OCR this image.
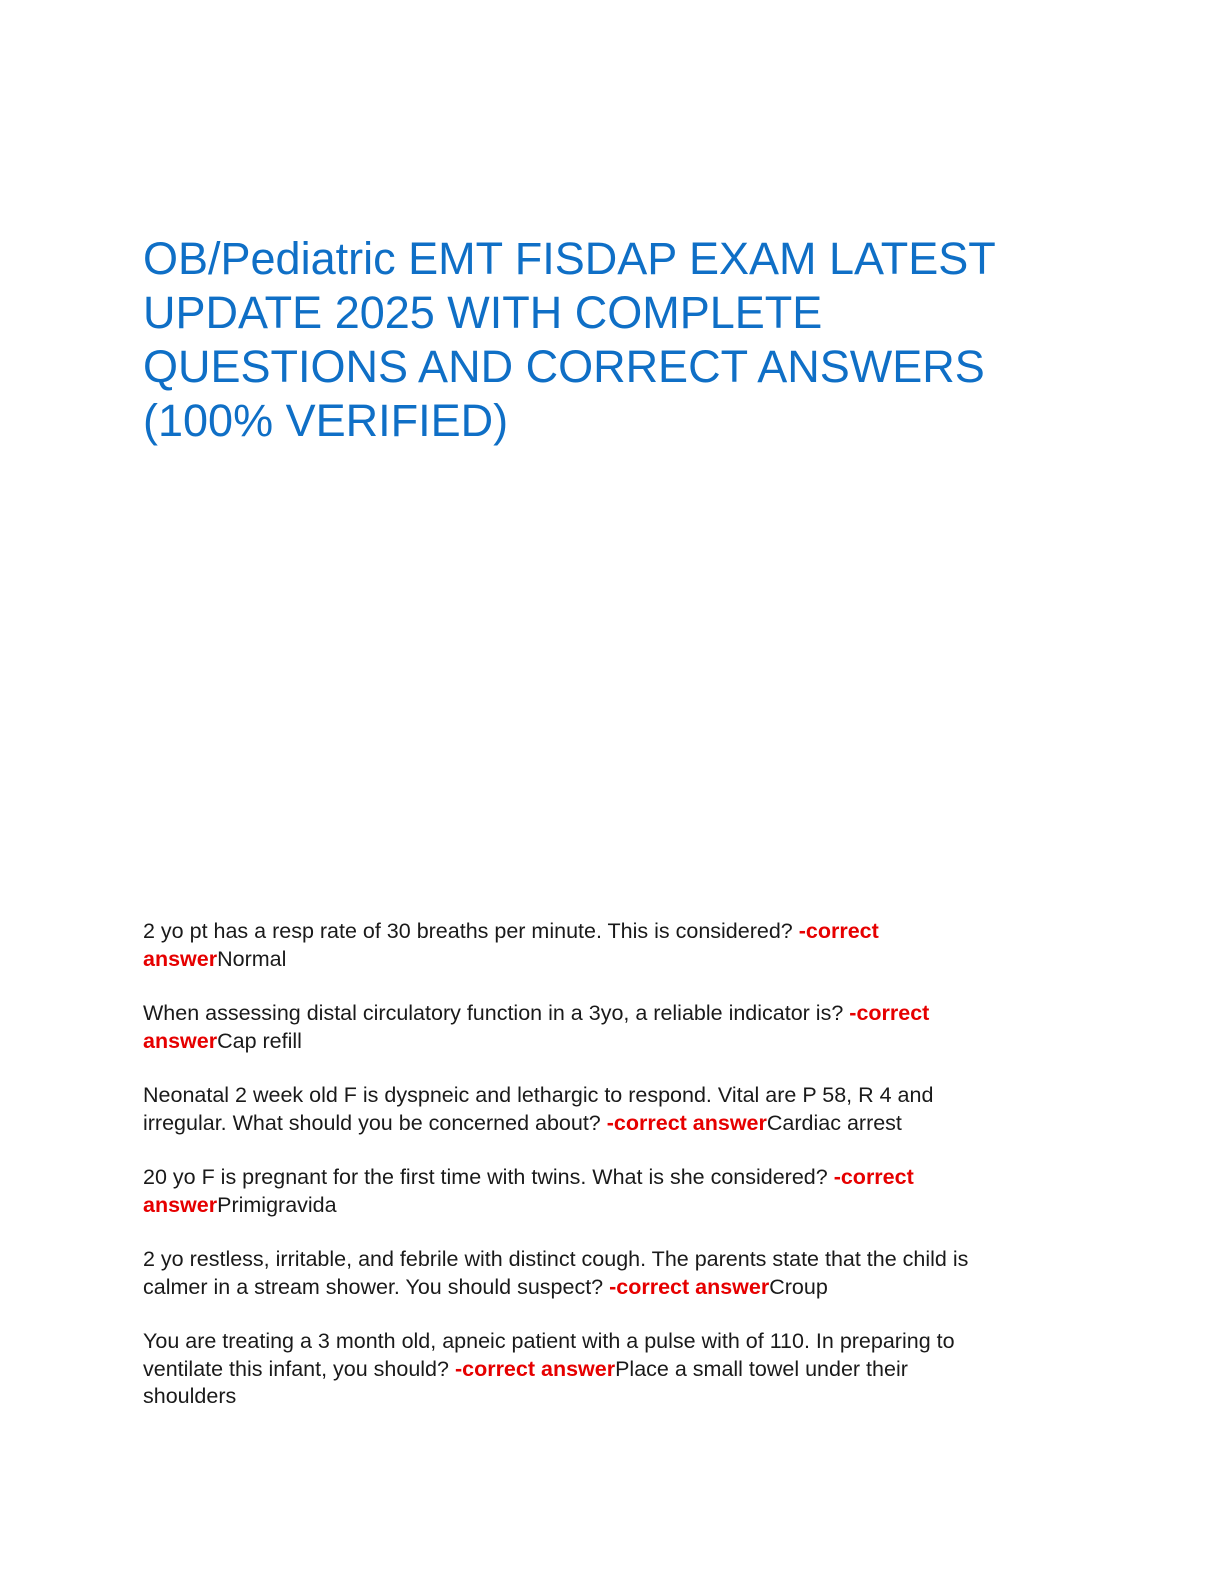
OB/Pediatric EMT FISDAP EXAM LATEST
UPDATE 2025 WITH COMPLETE
QUESTIONS AND CORRECT ANSWERS
(100% VERIFIED)
2 yo pt has a resp rate of 30 breaths per minute. This is considered? -correct
answerNormal
When assessing distal circulatory function in a 3yo, a reliable indicator is? -correct
answerCap refill
Neonatal 2 week old F is dyspneic and lethargic to respond. Vital are P 58, R 4 and
irregular. What should you be concerned about? -correct answerCardiac arrest
20 yo F is pregnant for the first time with twins. What is she considered? -correct
answerPrimigravida
2 yo restless, irritable, and febrile with distinct cough. The parents state that the child is
calmer in a stream shower. You should suspect? -correct answerCroup
You are treating a 3 month old, apneic patient with a pulse with of 110. In preparing to
ventilate this infant, you should? -correct answerPlace a small towel under their
shoulders
